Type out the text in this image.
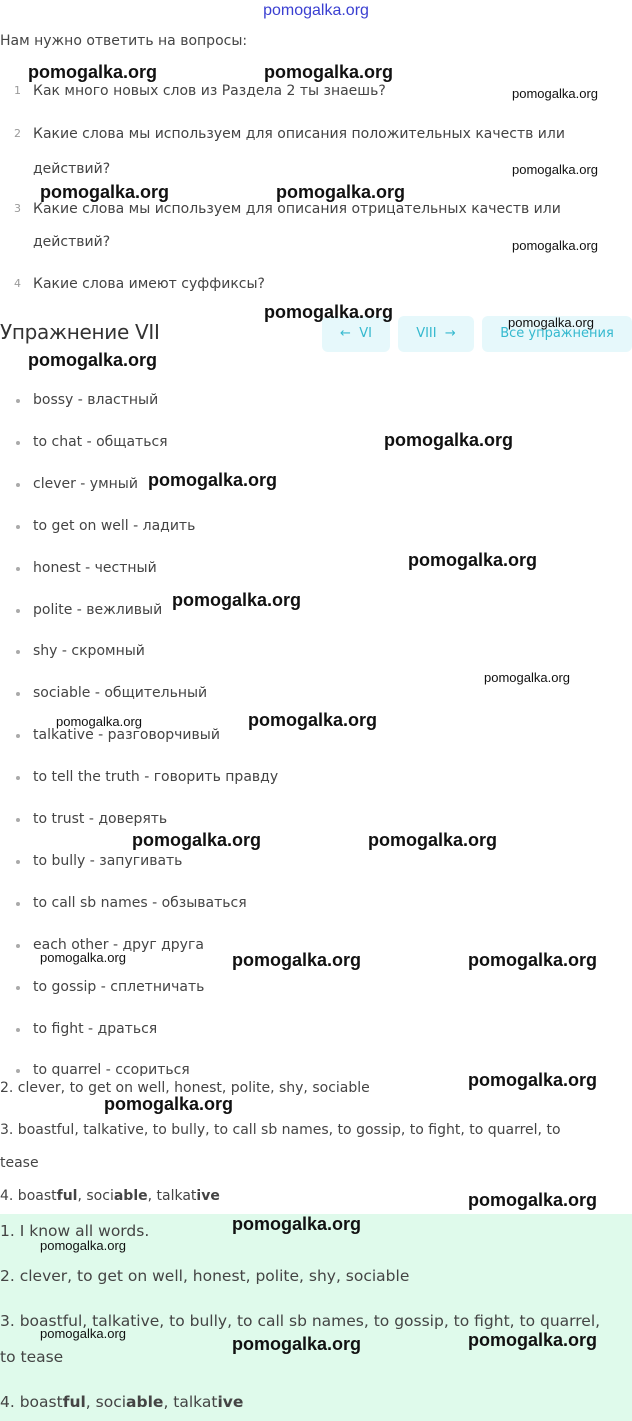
pomogalka.org
Нам нужно ответить на вопросы:
1 Как много новых слов из Раздела 2 ты знаешь?
2 Какие слова мы используем для описания положительных качеств или
действий?
3 Какие слова мы используем для описания отрицательных качеств или
действий?
4 Какие слова имеют суффиксы?
Упражнение VII	← VI	VIII →	Все упражнения
bossy - властный
to chat - общаться
clever - умный
to get on well - ладить
honest - честный
polite - вежливый
shy - скромный
sociable - общительный
talkative - разговорчивый
to tell the truth - говорить правду
to trust - доверять
to bully - запугивать
to call sb names - обзываться
each other - друг друга
to gossip - сплетничать
to fight - драться
to quarrel - ссориться
2. clever, to get on well, honest, polite, shy, sociable
3. boastful, talkative, to bully, to call sb names, to gossip, to fight, to quarrel, to
tease
4. boastful, sociable, talkative
1. I know all words.
2. clever, to get on well, honest, polite, shy, sociable
3. boastful, talkative, to bully, to call sb names, to gossip, to fight, to quarrel,
to tease
4. boastful, sociable, talkative
pomogalka.org	pomogalka.org
pomogalka.org
pomogalka.org
pomogalka.org	pomogalka.org
pomogalka.org
pomogalka.org
pomogalka.org
pomogalka.org
pomogalka.org
pomogalka.org
pomogalka.org
pomogalka.org
pomogalka.org
pomogalka.org	pomogalka.org
pomogalka.org	pomogalka.org
pomogalka.org	pomogalka.org	pomogalka.org
pomogalka.org
pomogalka.org
pomogalka.org
pomogalka.org
pomogalka.org
pomogalka.org
pomogalka.org	pomogalka.org
